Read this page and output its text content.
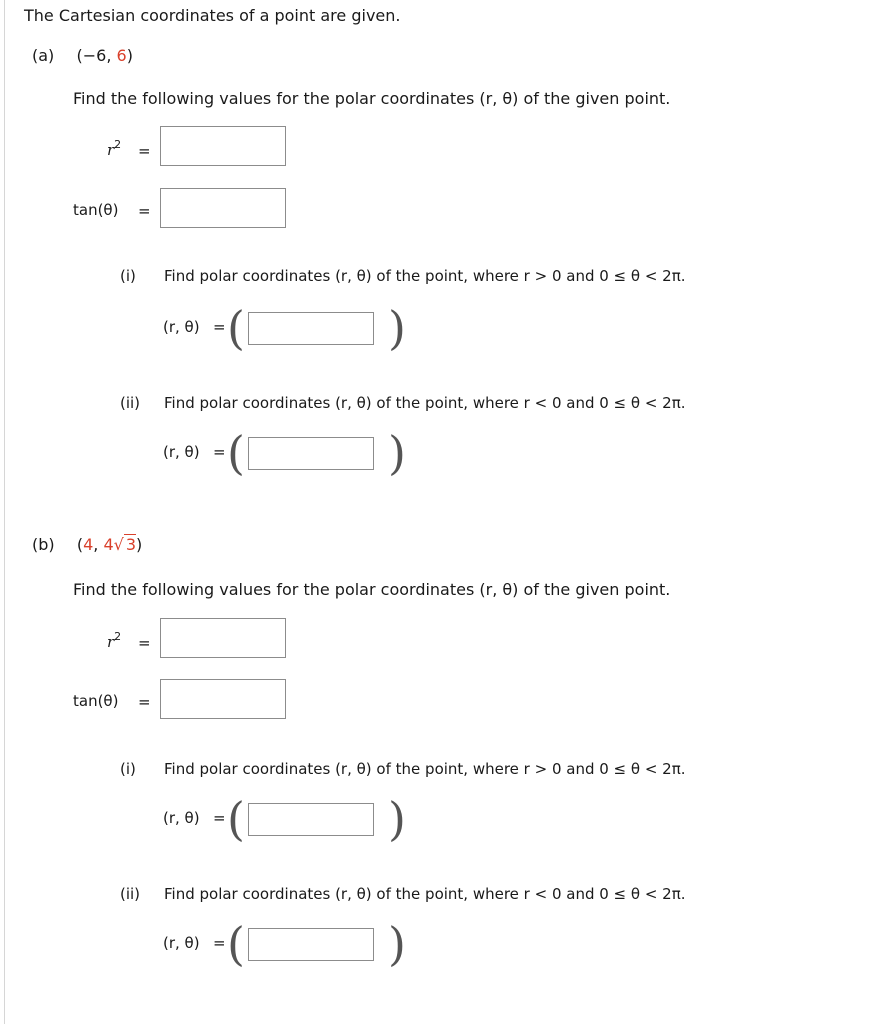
The Cartesian coordinates of a point are given.
(a) (−6, 6)
Find the following values for the polar coordinates (r, θ) of the given point.
$r^2$ =
tan(θ) =
(i) Find polar coordinates (r, θ) of the point, where r > 0 and 0 ≤ θ < 2π.
(r, θ) = (	)
(ii) Find polar coordinates (r, θ) of the point, where r < 0 and 0 ≤ θ < 2π.
(r, θ) = (	)
(b) (4, 4√ 3)
Find the following values for the polar coordinates (r, θ) of the given point.
$r^2$ =
tan(θ) =
(i) Find polar coordinates (r, θ) of the point, where r > 0 and 0 ≤ θ < 2π.
(r, θ) = (	)
(ii) Find polar coordinates (r, θ) of the point, where r < 0 and 0 ≤ θ < 2π.
(r, θ) = (	)
